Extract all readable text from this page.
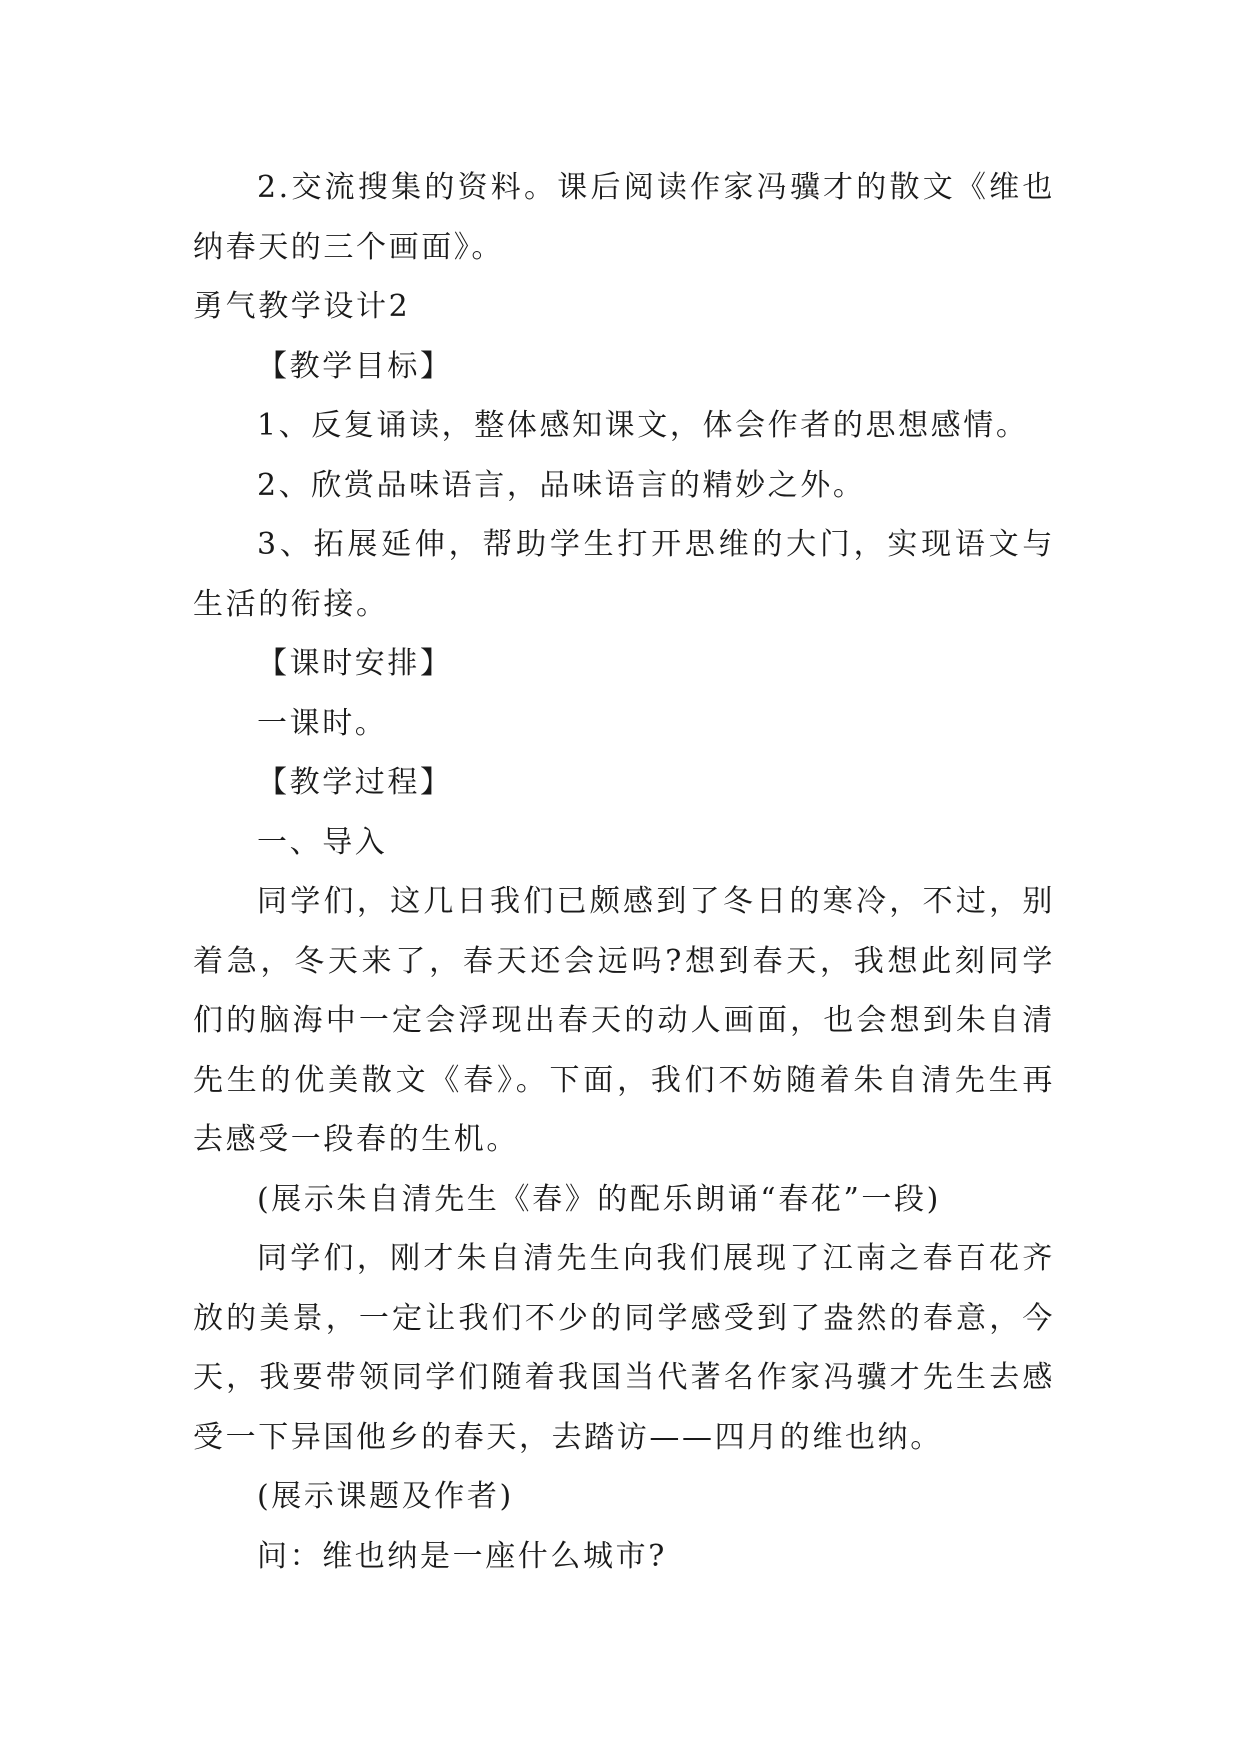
2.交流搜集的资料。课后阅读作家冯骥才的散文《维也纳春天的三个画面》。

勇气教学设计2

【教学目标】

1、反复诵读，整体感知课文，体会作者的思想感情。

2、欣赏品味语言，品味语言的精妙之外。

3、拓展延伸，帮助学生打开思维的大门，实现语文与生活的衔接。

【课时安排】

一课时。

【教学过程】

一、导入

同学们，这几日我们已颇感到了冬日的寒冷，不过，别着急，冬天来了，春天还会远吗?想到春天，我想此刻同学们的脑海中一定会浮现出春天的动人画面，也会想到朱自清先生的优美散文《春》。下面，我们不妨随着朱自清先生再去感受一段春的生机。

(展示朱自清先生《春》的配乐朗诵“春花”一段)

同学们，刚才朱自清先生向我们展现了江南之春百花齐放的美景，一定让我们不少的同学感受到了盎然的春意，今天，我要带领同学们随着我国当代著名作家冯骥才先生去感受一下异国他乡的春天，去踏访——四月的维也纳。

(展示课题及作者)

问：维也纳是一座什么城市?
